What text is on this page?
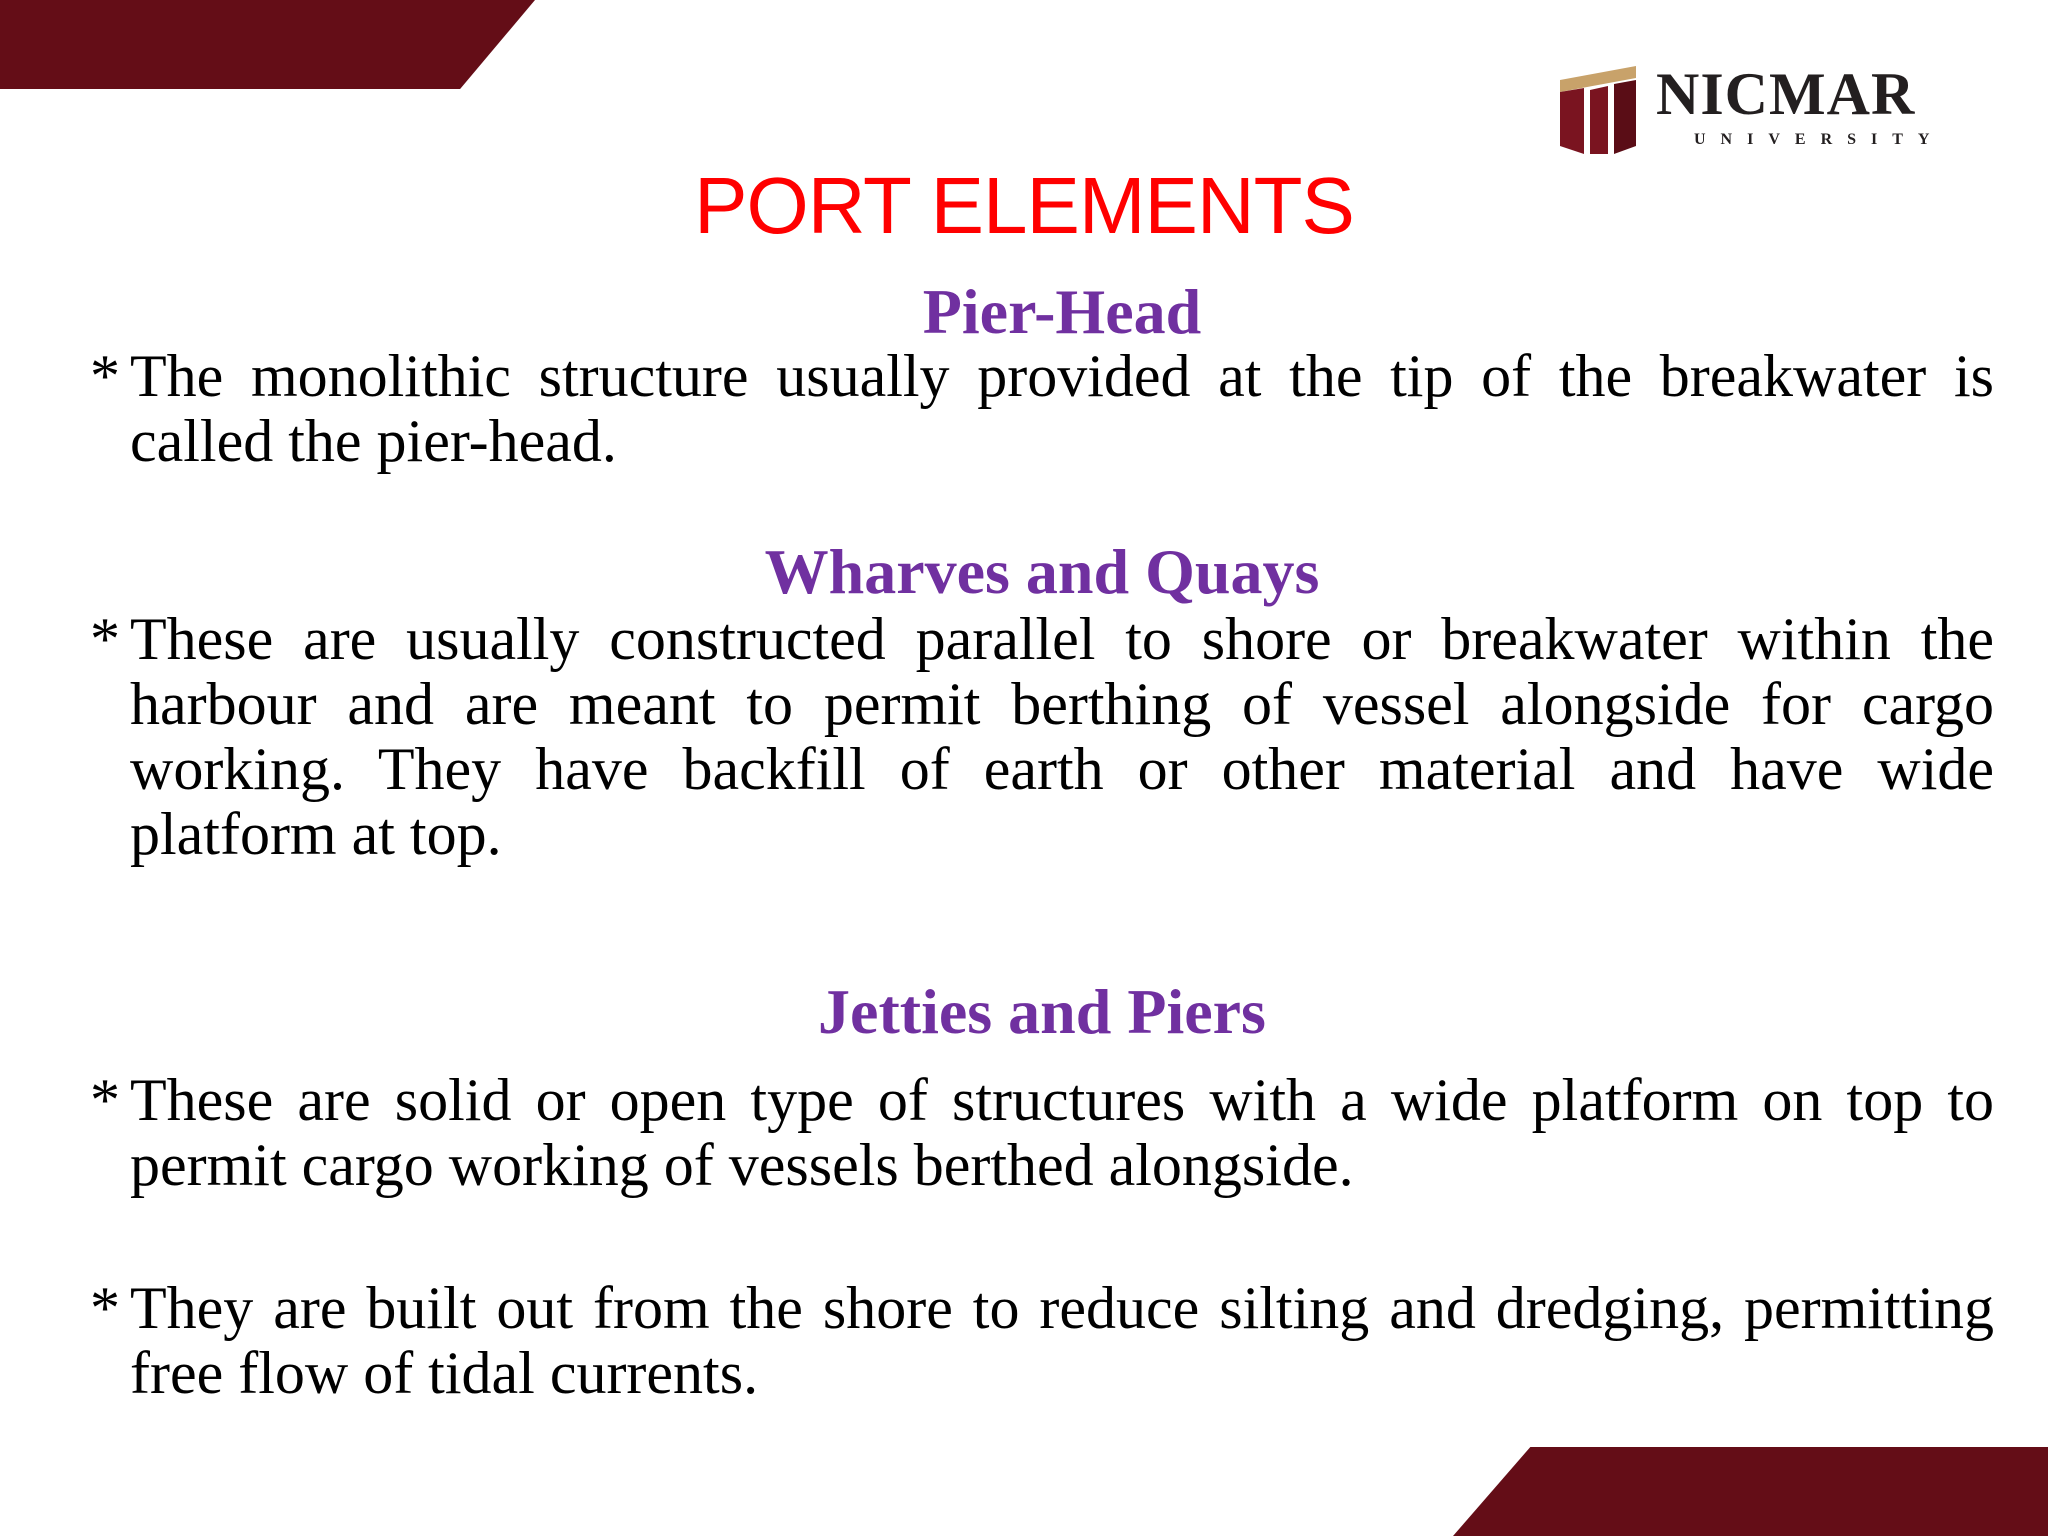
NICMAR
UNIVERSITY
PORT ELEMENTS
Pier-Head
* The monolithic structure usually provided at the tip of the breakwater is called the pier-head.
Wharves and Quays
* These are usually constructed parallel to shore or breakwater within the harbour and are meant to permit berthing of vessel alongside for cargo working. They have backfill of earth or other material and have wide platform at top.
Jetties and Piers
* These are solid or open type of structures with a wide platform on top to permit cargo working of vessels berthed alongside.
* They are built out from the shore to reduce silting and dredging, permitting free flow of tidal currents.
